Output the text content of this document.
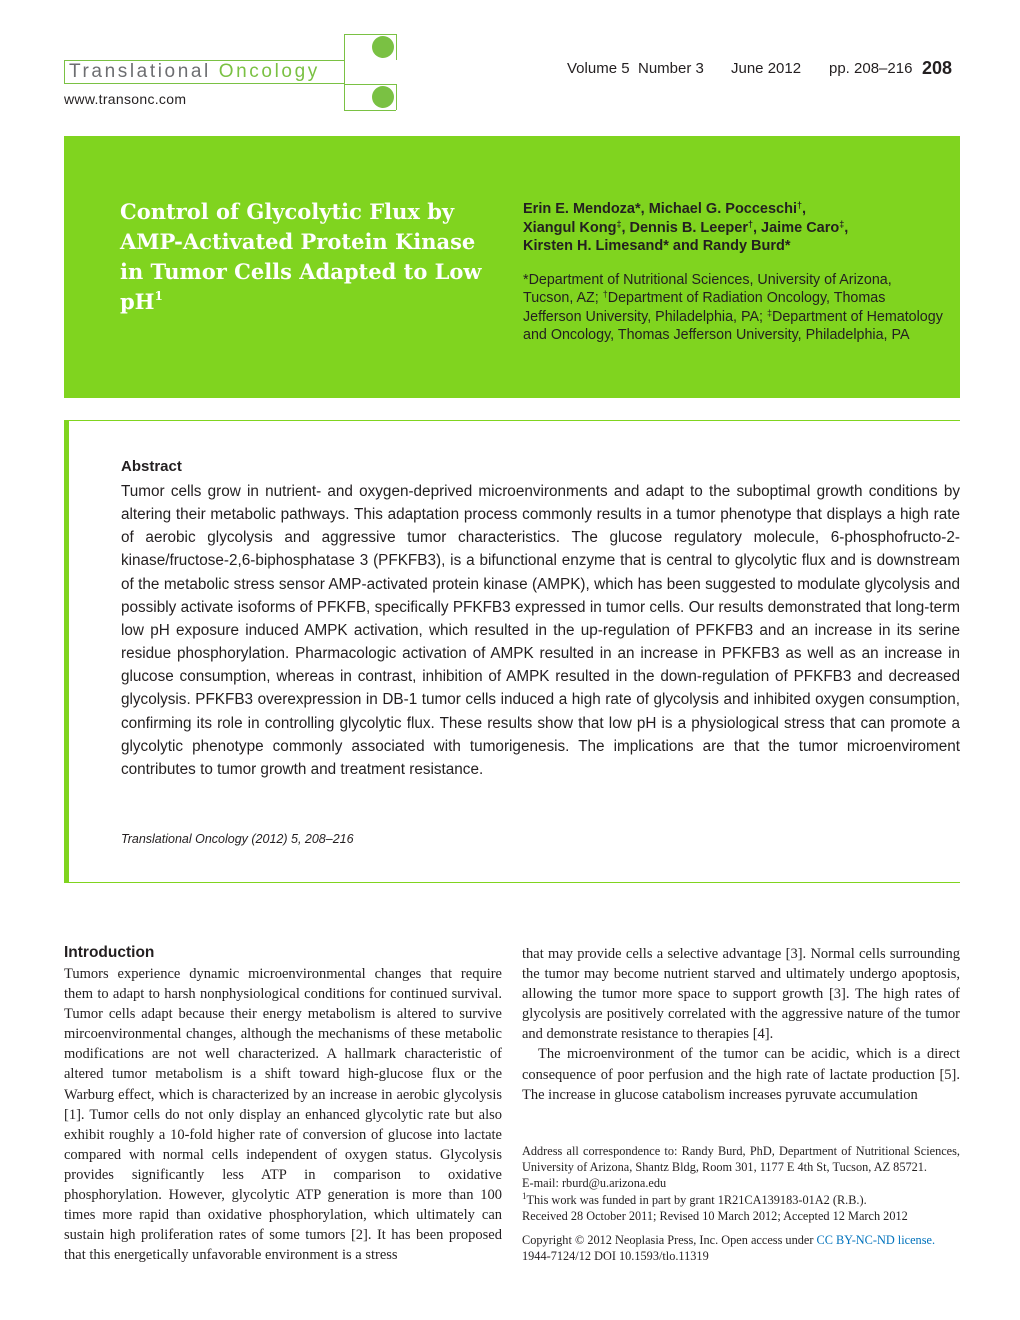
Translational Oncology
www.transonc.com
Volume 5 Number 3 June 2012 pp. 208–216 208
Control of Glycolytic Flux by AMP-Activated Protein Kinase in Tumor Cells Adapted to Low $pH^1$
Erin E. Mendoza*, Michael G. Pocceschi†,
Xiangul Kong‡, Dennis B. Leeper†, Jaime Caro‡,
Kirsten H. Limesand* and Randy Burd*
*Department of Nutritional Sciences, University of Arizona, Tucson, AZ; †Department of Radiation Oncology, Thomas Jefferson University, Philadelphia, PA; ‡Department of Hematology and Oncology, Thomas Jefferson University, Philadelphia, PA
Abstract

Tumor cells grow in nutrient- and oxygen-deprived microenvironments and adapt to the suboptimal growth conditions by altering their metabolic pathways. This adaptation process commonly results in a tumor phenotype that displays a high rate of aerobic glycolysis and aggressive tumor characteristics. The glucose regulatory molecule, 6-phosphofructo-2-kinase/fructose-2,6-biphosphatase 3 (PFKFB3), is a bifunctional enzyme that is central to glycolytic flux and is downstream of the metabolic stress sensor AMP-activated protein kinase (AMPK), which has been suggested to modulate glycolysis and possibly activate isoforms of PFKFB, specifically PFKFB3 expressed in tumor cells. Our results demonstrated that long-term low pH exposure induced AMPK activation, which resulted in the up-regulation of PFKFB3 and an increase in its serine residue phosphorylation. Pharmacologic activation of AMPK resulted in an increase in PFKFB3 as well as an increase in glucose consumption, whereas in contrast, inhibition of AMPK resulted in the down-regulation of PFKFB3 and decreased glycolysis. PFKFB3 overexpression in DB-1 tumor cells induced a high rate of glycolysis and inhibited oxygen consumption, confirming its role in controlling glycolytic flux. These results show that low pH is a physiological stress that can promote a glycolytic phenotype commonly associated with tumorigenesis. The implications are that the tumor microenviroment contributes to tumor growth and treatment resistance.

Translational Oncology (2012) 5, 208–216
Introduction

Tumors experience dynamic microenvironmental changes that require them to adapt to harsh nonphysiological conditions for continued survival. Tumor cells adapt because their energy metabolism is altered to survive mircoenvironmental changes, although the mechanisms of these metabolic modifications are not well characterized. A hallmark characteristic of altered tumor metabolism is a shift toward high-glucose flux or the Warburg effect, which is characterized by an increase in aerobic glycolysis [1]. Tumor cells do not only display an enhanced glycolytic rate but also exhibit roughly a 10-fold higher rate of conversion of glucose into lactate compared with normal cells independent of oxygen status. Glycolysis provides significantly less ATP in comparison to oxidative phosphorylation. However, glycolytic ATP generation is more than 100 times more rapid than oxidative phosphorylation, which ultimately can sustain high proliferation rates of some tumors [2]. It has been proposed that this energetically unfavorable environment is a stress

that may provide cells a selective advantage [3]. Normal cells surrounding the tumor may become nutrient starved and ultimately undergo apoptosis, allowing the tumor more space to support growth [3]. The high rates of glycolysis are positively correlated with the aggressive nature of the tumor and demonstrate resistance to therapies [4].

The microenvironment of the tumor can be acidic, which is a direct consequence of poor perfusion and the high rate of lactate production [5]. The increase in glucose catabolism increases pyruvate accumulation

Address all correspondence to: Randy Burd, PhD, Department of Nutritional Sciences, University of Arizona, Shantz Bldg, Room 301, 1177 E 4th St, Tucson, AZ 85721.
E-mail: rburd@u.arizona.edu
$^1$This work was funded in part by grant 1R21CA139183-01A2 (R.B.).
Received 28 October 2011; Revised 10 March 2012; Accepted 12 March 2012
Copyright © 2012 Neoplasia Press, Inc. Open access under CC BY-NC-ND license.
1944-7124/12 DOI 10.1593/tlo.11319
